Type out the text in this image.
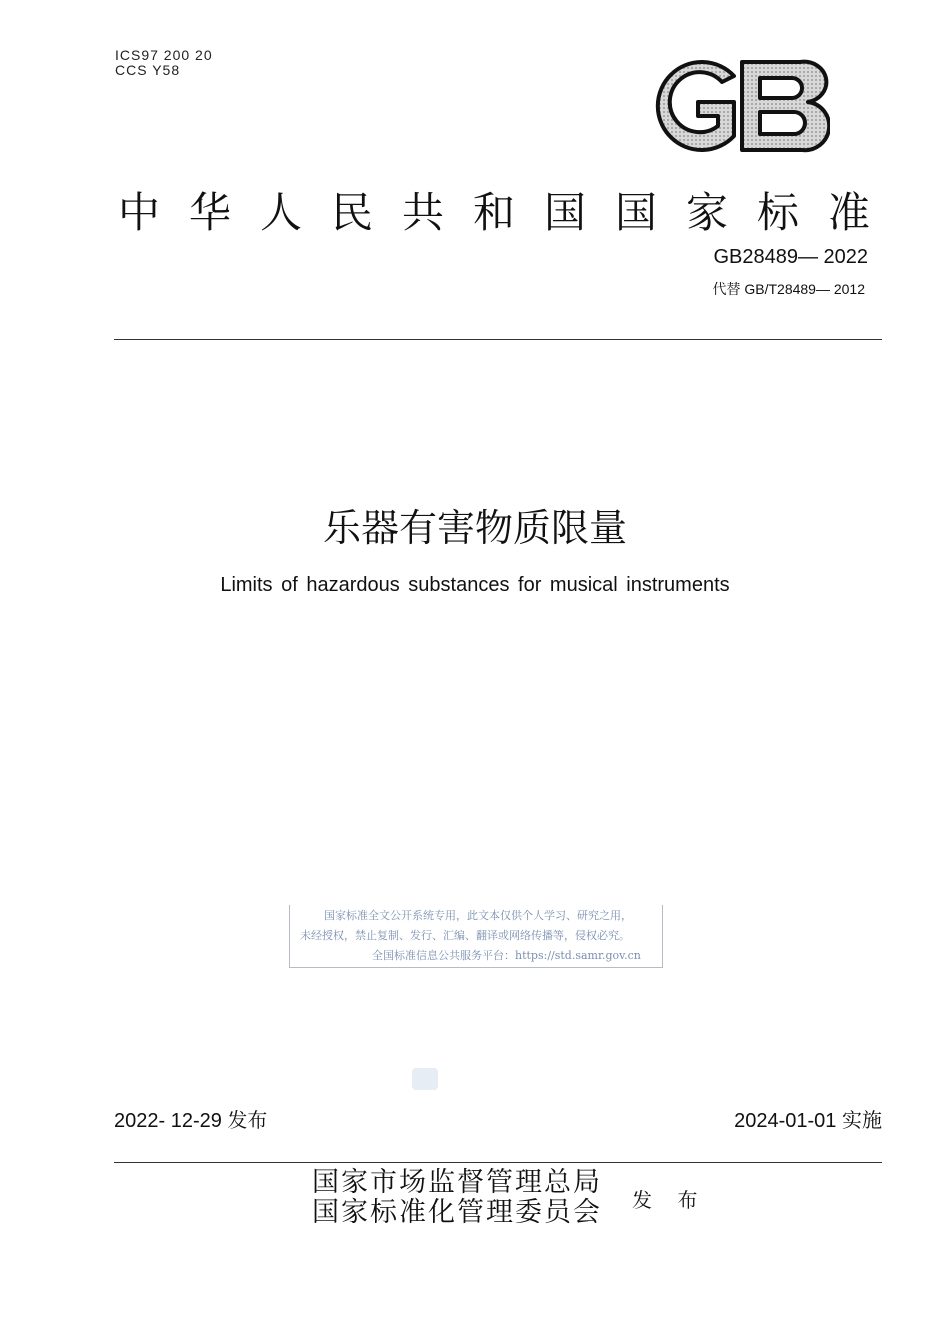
ICS97 200 20
CCS Y58
中华人民共和国国家标准
GB28489— 2022
代替 GB/T28489— 2012
乐器有害物质限量
Limits of hazardous substances for musical instruments
国家标准全文公开系统专用，此文本仅供个人学习、研究之用，
未经授权，禁止复制、发行、汇编、翻译或网络传播等，侵权必究。
全国标准信息公共服务平台：https://std.samr.gov.cn
2022- 12-29 发布	2024-01-01 实施
国家市场监督管理总局
国家标准化管理委员会 发 布
